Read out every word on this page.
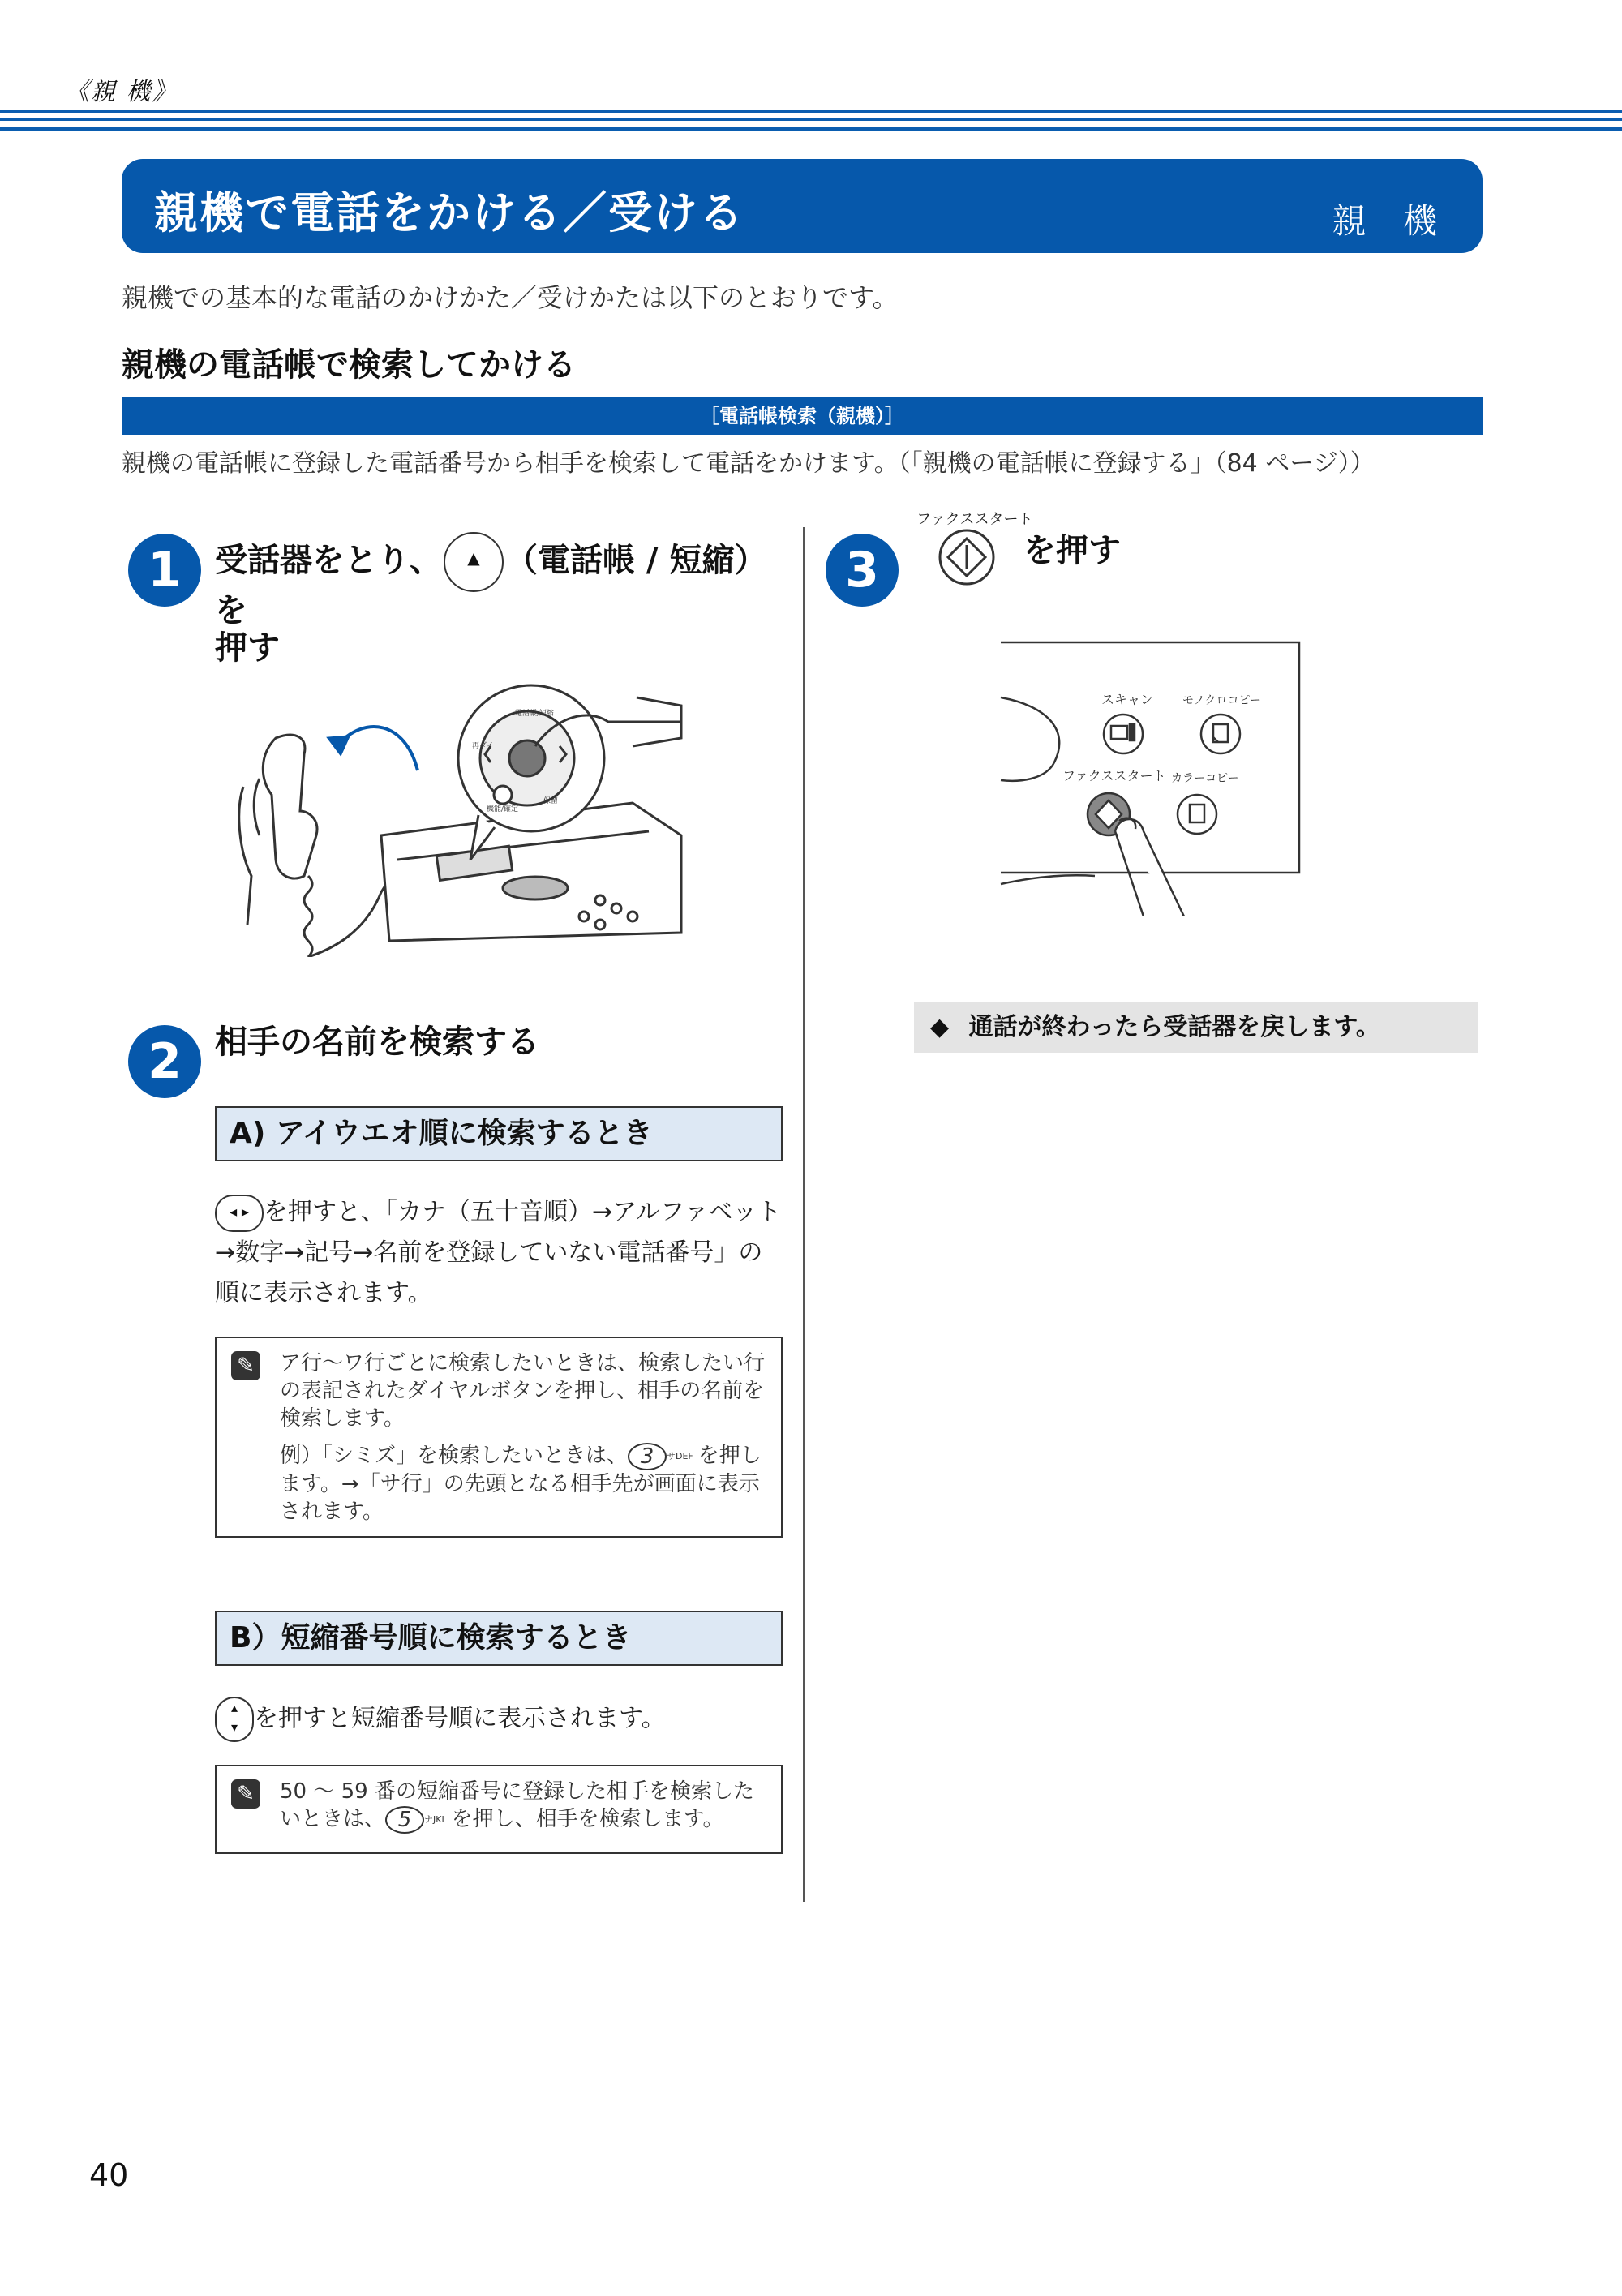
《親 機》
親機で電話をかける／受ける	親 機
親機での基本的な電話のかけかた／受けかたは以下のとおりです。
親機の電話帳で検索してかける
［電話帳検索（親機）］
親機の電話帳に登録した電話番号から相手を検索して電話をかけます。（「親機の電話帳に登録する」（84 ページ））
1	受話器をとり、 ▲ （電話帳 / 短縮）を
押す
電話帳/短縮
再ダイ
保留
機能/確定
2	相手の名前を検索する
A) アイウエオ順に検索するとき
◂ ▸ を押すと、「カナ（五十音順）→アルファベット
→数字→記号→名前を登録していない電話番号」の
順に表示されます。
✎ ア行〜ワ行ごとに検索したいときは、検索したい行の表記されたダイヤルボタンを押し、相手の名前を検索します。

例）「シミズ」を検索したいときは、 3 サDEF を押します。→「サ行」の先頭となる相手先が画面に表示されます。

B）短縮番号順に検索するとき
▴
▾ を押すと短縮番号順に表示されます。
✎ 50 〜 59 番の短縮番号に登録した相手を検索したいときは、 5 ナJKL を押し、相手を検索します。

ファクススタート
3	を押す
スキャン	モノクロコピー
ファクススタート カラーコピー
◆ 通話が終わったら受話器を戻します。
40
